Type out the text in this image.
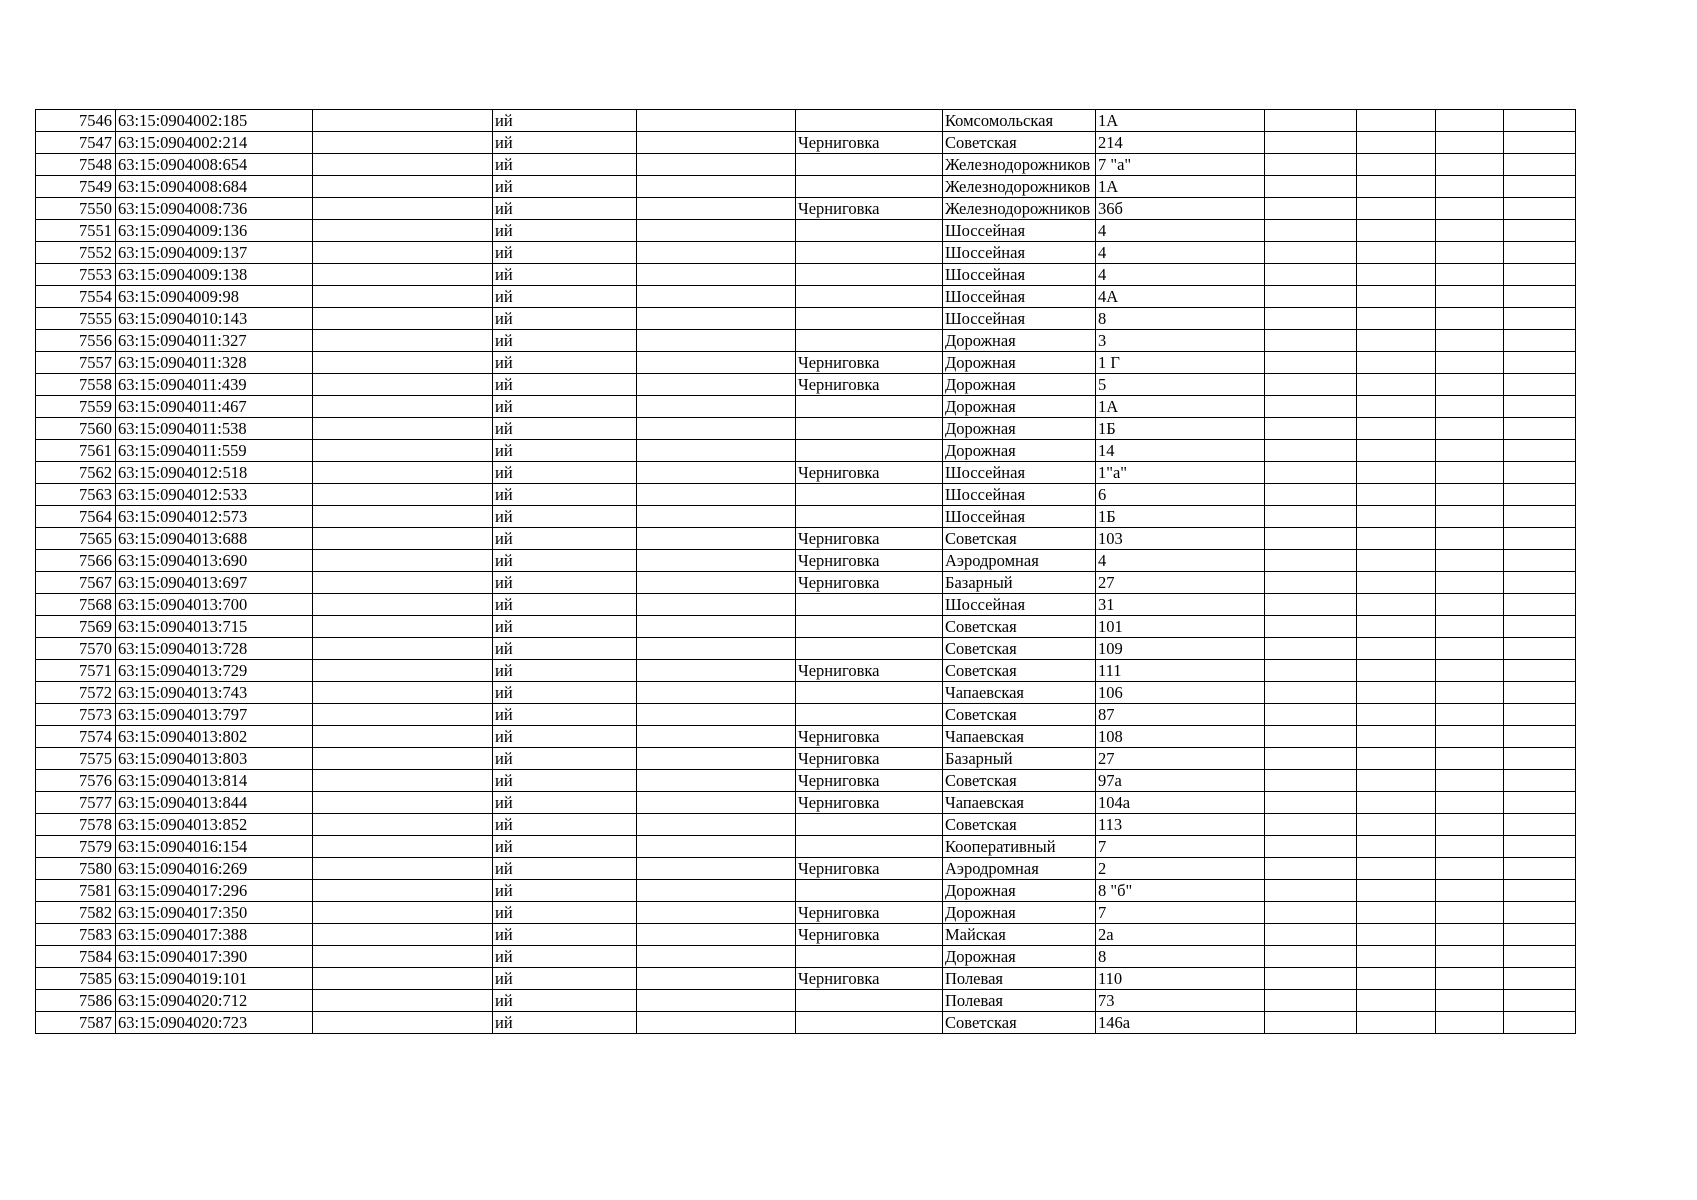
7546	63:15:0904002:185		ий			Комсомольская	1А				
7547	63:15:0904002:214		ий		Черниговка	Советская	214				
7548	63:15:0904008:654		ий			Железнодорожников	7 "а"				
7549	63:15:0904008:684		ий			Железнодорожников	1А				
7550	63:15:0904008:736		ий		Черниговка	Железнодорожников	36б				
7551	63:15:0904009:136		ий			Шоссейная	4				
7552	63:15:0904009:137		ий			Шоссейная	4				
7553	63:15:0904009:138		ий			Шоссейная	4				
7554	63:15:0904009:98		ий			Шоссейная	4А				
7555	63:15:0904010:143		ий			Шоссейная	8				
7556	63:15:0904011:327		ий			Дорожная	3				
7557	63:15:0904011:328		ий		Черниговка	Дорожная	1 Г				
7558	63:15:0904011:439		ий		Черниговка	Дорожная	5				
7559	63:15:0904011:467		ий			Дорожная	1А				
7560	63:15:0904011:538		ий			Дорожная	1Б				
7561	63:15:0904011:559		ий			Дорожная	14				
7562	63:15:0904012:518		ий		Черниговка	Шоссейная	1"а"				
7563	63:15:0904012:533		ий			Шоссейная	6				
7564	63:15:0904012:573		ий			Шоссейная	1Б				
7565	63:15:0904013:688		ий		Черниговка	Советская	103				
7566	63:15:0904013:690		ий		Черниговка	Аэродромная	4				
7567	63:15:0904013:697		ий		Черниговка	Базарный	27				
7568	63:15:0904013:700		ий			Шоссейная	31				
7569	63:15:0904013:715		ий			Советская	101				
7570	63:15:0904013:728		ий			Советская	109				
7571	63:15:0904013:729		ий		Черниговка	Советская	111				
7572	63:15:0904013:743		ий			Чапаевская	106				
7573	63:15:0904013:797		ий			Советская	87				
7574	63:15:0904013:802		ий		Черниговка	Чапаевская	108				
7575	63:15:0904013:803		ий		Черниговка	Базарный	27				
7576	63:15:0904013:814		ий		Черниговка	Советская	97а				
7577	63:15:0904013:844		ий		Черниговка	Чапаевская	104а				
7578	63:15:0904013:852		ий			Советская	113				
7579	63:15:0904016:154		ий			Кооперативный	7				
7580	63:15:0904016:269		ий		Черниговка	Аэродромная	2				
7581	63:15:0904017:296		ий			Дорожная	8 "б"				
7582	63:15:0904017:350		ий		Черниговка	Дорожная	7				
7583	63:15:0904017:388		ий		Черниговка	Майская	2а				
7584	63:15:0904017:390		ий			Дорожная	8				
7585	63:15:0904019:101		ий		Черниговка	Полевая	110				
7586	63:15:0904020:712		ий			Полевая	73				
7587	63:15:0904020:723		ий			Советская	146а				
